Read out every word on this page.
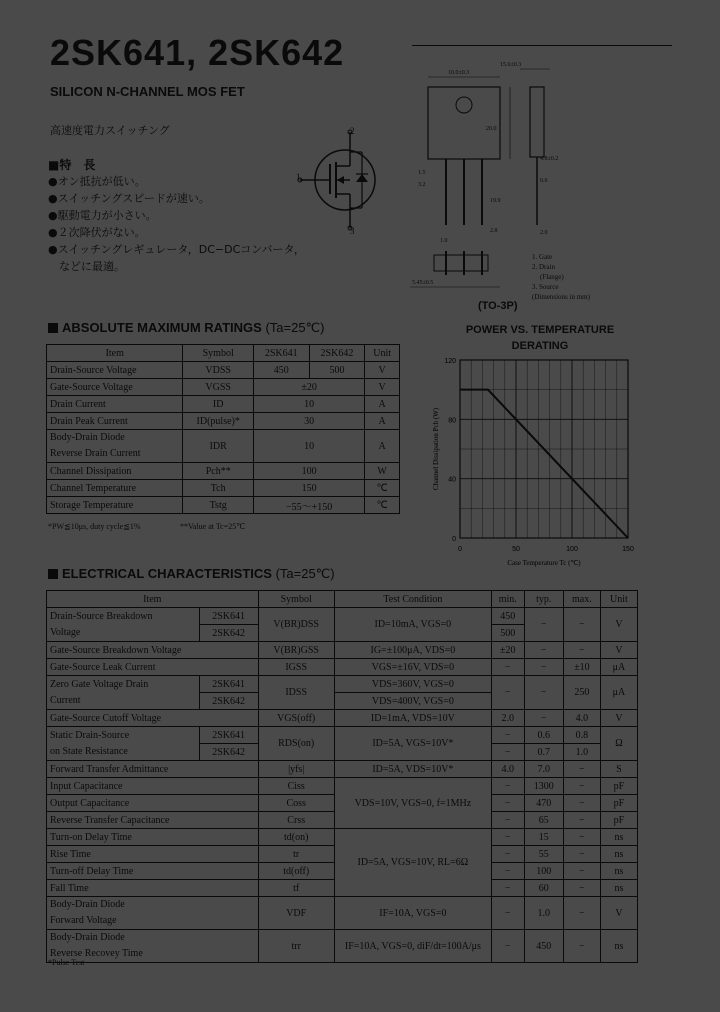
2SK641, 2SK642
SILICON N-CHANNEL MOS FET
高速度電力スイッチング
■特　長
●オン抵抗が低い。
●スイッチングスピードが速い。
●駆動電力が小さい。
●２次降伏がない。
●スイッチングレギュレータ，DC−DCコンバータ，
　などに最適。
2
1
3
10.0±0.3
15.6±0.3
20.0
4.8±0.2
1.5
3.2
19.9
1.0
2.8
5.45±0.5
0.6
2.0
1. Gate
2. Drain
(Flange)
3. Source
(Dimensions in mm)
(TO-3P)
ABSOLUTE MAXIMUM RATINGS (Ta=25℃)
Item	Symbol	2SK641	2SK642	Unit
Drain-Source Voltage	VDSS	450	500	V
Gate-Source Voltage	VGSS	±20		V
Drain Current	ID	10		A
Drain Peak Current	ID(pulse)*	30		A

Body-Drain Diode
Reverse Drain Current	IDR	10		A
Channel Dissipation	Pch**	100		W
Channel Temperature	Tch	150		℃
Storage Temperature	Tstg	−55～+150		℃
*PW≦10μs, duty cycle≦1%	**Value at Tc=25℃
POWER VS. TEMPERATURE DERATING
0	50	100	150
0
40
80
120
Case Temperature Tc (℃)
Channel Dissipation Pch (W)
ELECTRICAL CHARACTERISTICS (Ta=25℃)
Item		Symbol	Test Condition	min.	typ.	max.	Unit

Drain-Source Breakdown
Voltage	2SK641	V(BR)DSS	ID=10mA, VGS=0	450	−	−	V
	2SK642			500			
Gate-Source Breakdown Voltage		V(BR)GSS	IG=±100μA, VDS=0	±20	−	−	V
Gate-Source Leak Current		IGSS	VGS=±16V, VDS=0	−	−	±10	μA

Zero Gate Voltage Drain
Current	2SK641	IDSS	VDS=360V, VGS=0	−	−	250	μA
	2SK642		VDS=400V, VGS=0				
Gate-Source Cutoff Voltage		VGS(off)	ID=1mA, VDS=10V	2.0	−	4.0	V

Static Drain-Source
on State Resistance	2SK641	RDS(on)	ID=5A, VGS=10V*	−	0.6	0.8	Ω
	2SK642			−	0.7	1.0	
Forward Transfer Admittance		|yfs|	ID=5A, VDS=10V*	4.0	7.0	−	S
Input Capacitance		Ciss	VDS=10V, VGS=0, f=1MHz	−	1300	−	pF
Output Capacitance		Coss		−	470	−	pF
Reverse Transfer Capacitance		Crss		−	65	−	pF
Turn-on Delay Time		td(on)	ID=5A, VGS=10V, RL=6Ω	−	15	−	ns
Rise Time		tr		−	55	−	ns
Turn-off Delay Time		td(off)		−	100	−	ns
Fall Time		tf		−	60	−	ns

Body-Drain Diode
Forward Voltage		VDF	IF=10A, VGS=0	−	1.0	−	V

Body-Drain Diode
Reverse Recovey Time		trr	IF=10A, VGS=0, diF/dt=100A/μs	−	450	−	ns
*Pulse Test
